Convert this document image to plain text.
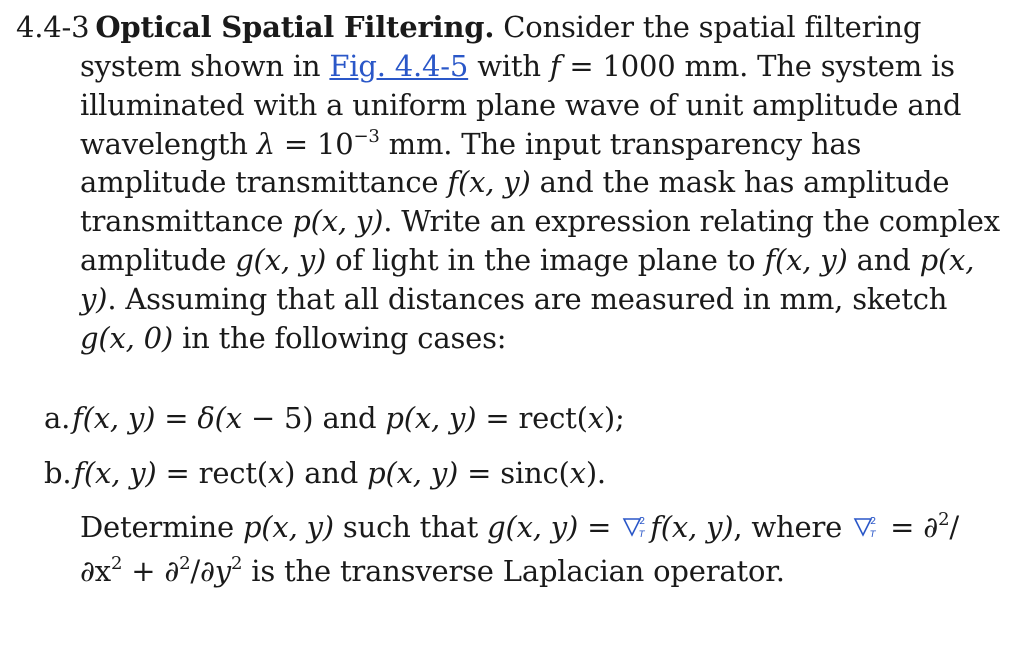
4.4-3 Optical Spatial Filtering. Consider the spatial filtering
system shown in Fig. 4.4-5 with f = 1000 mm. The system is
illuminated with a uniform plane wave of unit amplitude and
wavelength $\lambda = 10^{-3}$ mm. The input transparency has
amplitude transmittance f(x, y) and the mask has amplitude
transmittance p(x, y). Write an expression relating the complex
amplitude g(x, y) of light in the image plane to f(x, y) and p(x,
y). Assuming that all distances are measured in mm, sketch
g(x, 0) in the following cases:
a.f(x, y) = δ(x − 5) and p(x, y) = rect(x);
b.f(x, y) = rect(x) and p(x, y) = sinc(x).
Determine p(x, y) such that g(x, y) = 2
T f(x, y), where 2
T = ∂$^2$/
$\partial x^2 + \partial^2/\partial y^2$ is the transverse Laplacian operator.
